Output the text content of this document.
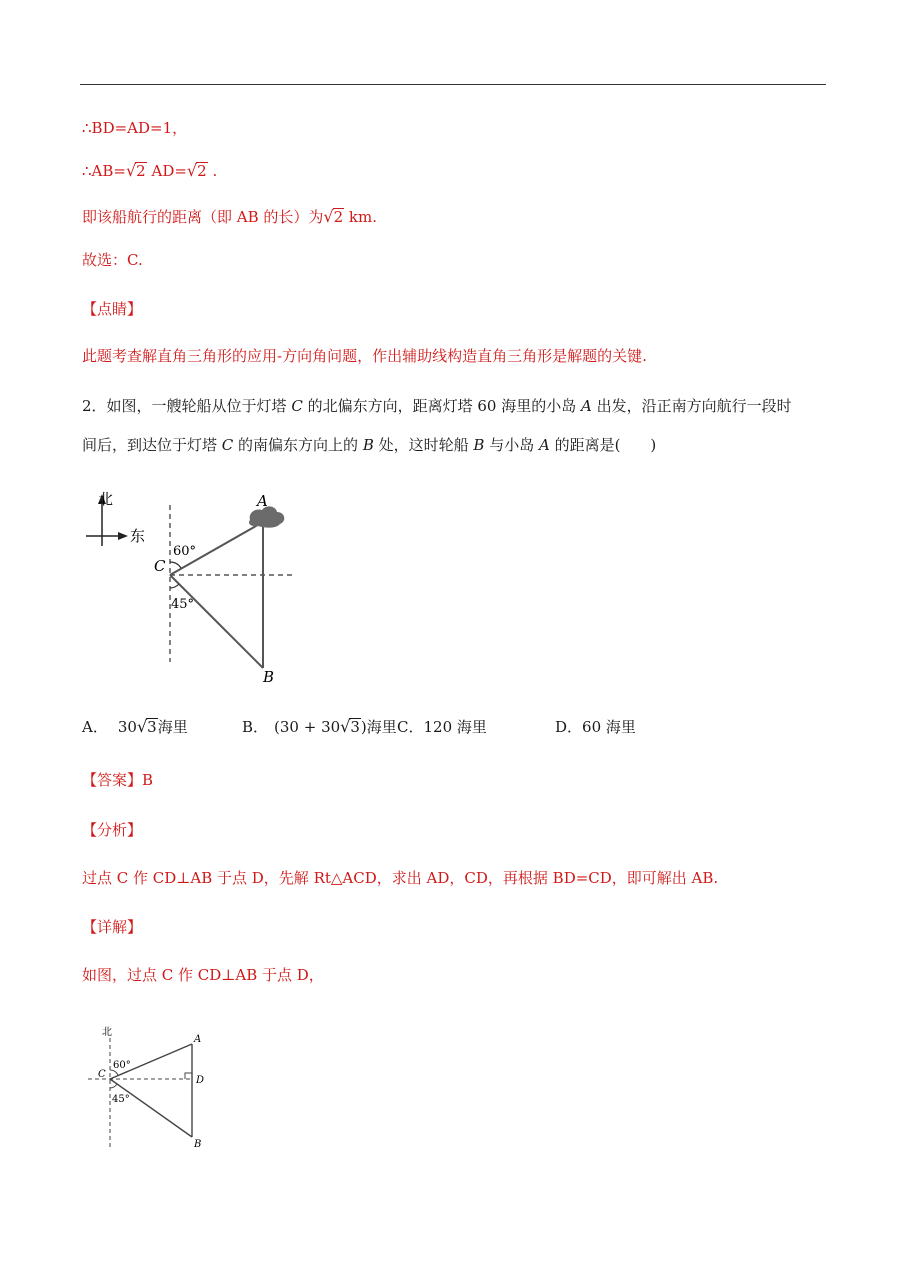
∴BD=AD=1，
∴AB=√2 AD=√2 .
即该船航行的距离（即 AB 的长）为√2 km.
故选：C.
【点睛】
此题考查解直角三角形的应用-方向角问题，作出辅助线构造直角三角形是解题的关键.
2．如图，一艘轮船从位于灯塔 C 的北偏东方向，距离灯塔 60 海里的小岛 A 出发，沿正南方向航行一段时
间后，到达位于灯塔 C 的南偏东方向上的 B 处，这时轮船 B 与小岛 A 的距离是(　　)
北
东
60°
45°
C
A
B
A． 30√3海里	B． (30 + 30√3)海里 C．120 海里	D．60 海里
【答案】B
【分析】
过点 C 作 CD⊥AB 于点 D，先解 Rt△ACD，求出 AD，CD，再根据 BD=CD，即可解出 AB.
【详解】
如图，过点 C 作 CD⊥AB 于点 D，
北
60°
45°
C
A
D
B
